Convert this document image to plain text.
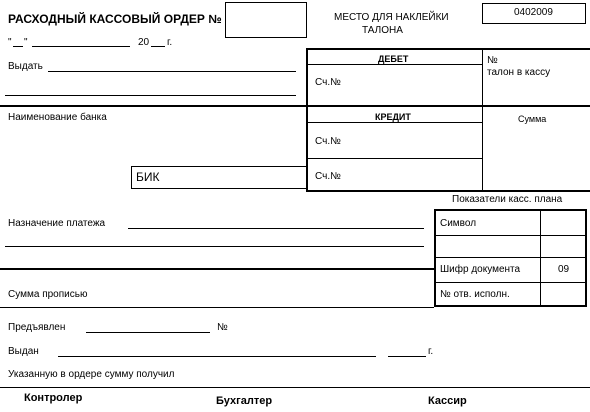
РАСХОДНЫЙ КАССОВЫЙ ОРДЕР №	МЕСТО ДЛЯ НАКЛЕЙКИ
ТАЛОНА
0402009
" "	20 г.
Выдать
Наименование банка
БИК
ДЕБЕТ
Сч.№
КРЕДИТ
Сч.№
Сч.№
№
талон в кассу
Сумма
Показатели касс. плана
Символ
Шифр документа	09
№ отв. исполн.
Назначение платежа
Сумма прописью
Предъявлен	№
Выдан	г.
Указанную в ордере сумму получил
Контролер	Бухгалтер	Кассир
